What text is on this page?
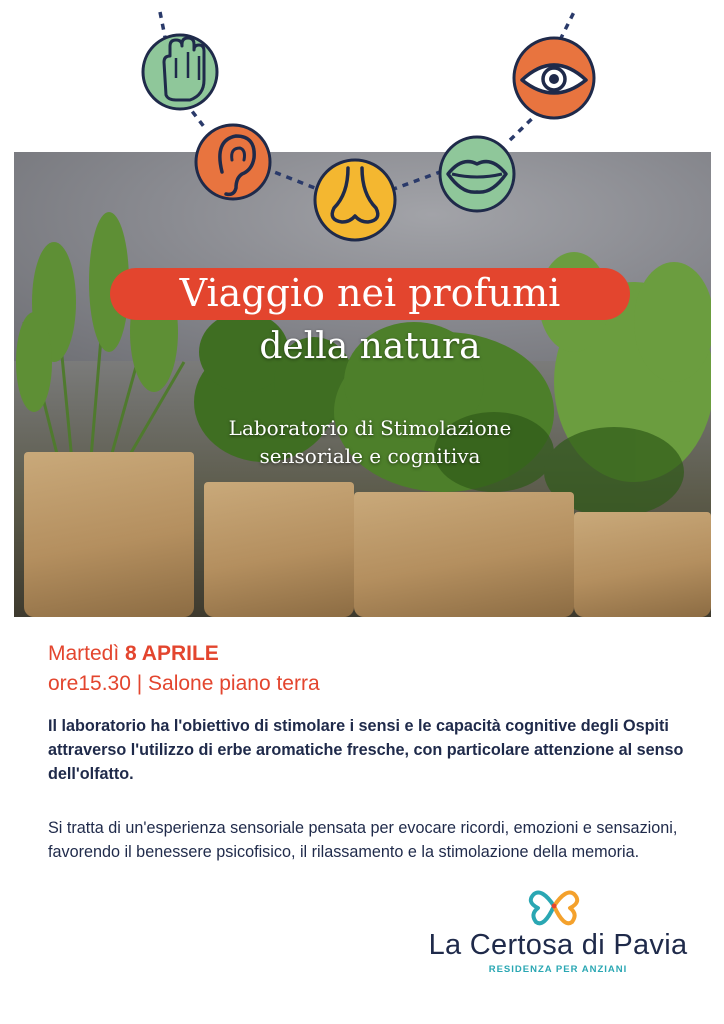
Viaggio nei profumi
della natura
Laboratorio di Stimolazione
sensoriale e cognitiva
Martedì 8 APRILE
ore15.30 | Salone piano terra
Il laboratorio ha l'obiettivo di stimolare i sensi e le capacità cognitive degli Ospiti attraverso l'utilizzo di erbe aromatiche fresche, con particolare attenzione al senso dell'olfatto.
Si tratta di un'esperienza sensoriale pensata per evocare ricordi, emozioni e sensazioni, favorendo il benessere psicofisico, il rilassamento e la stimolazione della memoria.
La Certosa di Pavia
RESIDENZA PER ANZIANI
